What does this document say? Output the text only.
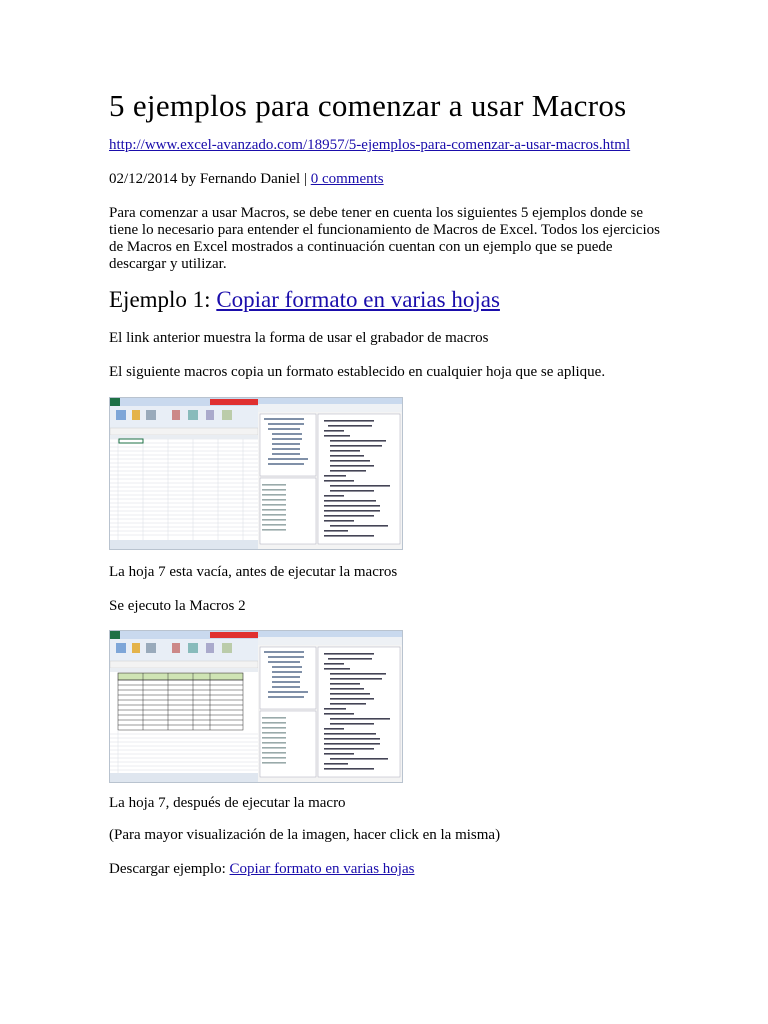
5 ejemplos para comenzar a usar Macros
http://www.excel-avanzado.com/18957/5-ejemplos-para-comenzar-a-usar-macros.html
02/12/2014 by Fernando Daniel | 0 comments

Para comenzar a usar Macros, se debe tener en cuenta los siguientes 5 ejemplos donde se tiene lo necesario para entender el funcionamiento de Macros de Excel. Todos los ejercicios de Macros en Excel mostrados a continuación cuentan con un ejemplo que se puede descargar y utilizar.

Ejemplo 1: Copiar formato en varias hojas

El link anterior muestra la forma de usar el grabador de macros

El siguiente macros copia un formato establecido en cualquier hoja que se aplique.

La hoja 7 esta vacía, antes de ejecutar la macros

Se ejecuto la Macros 2

La hoja 7, después de ejecutar la macro

(Para mayor visualización de la imagen, hacer click en la misma)

Descargar ejemplo: Copiar formato en varias hojas
